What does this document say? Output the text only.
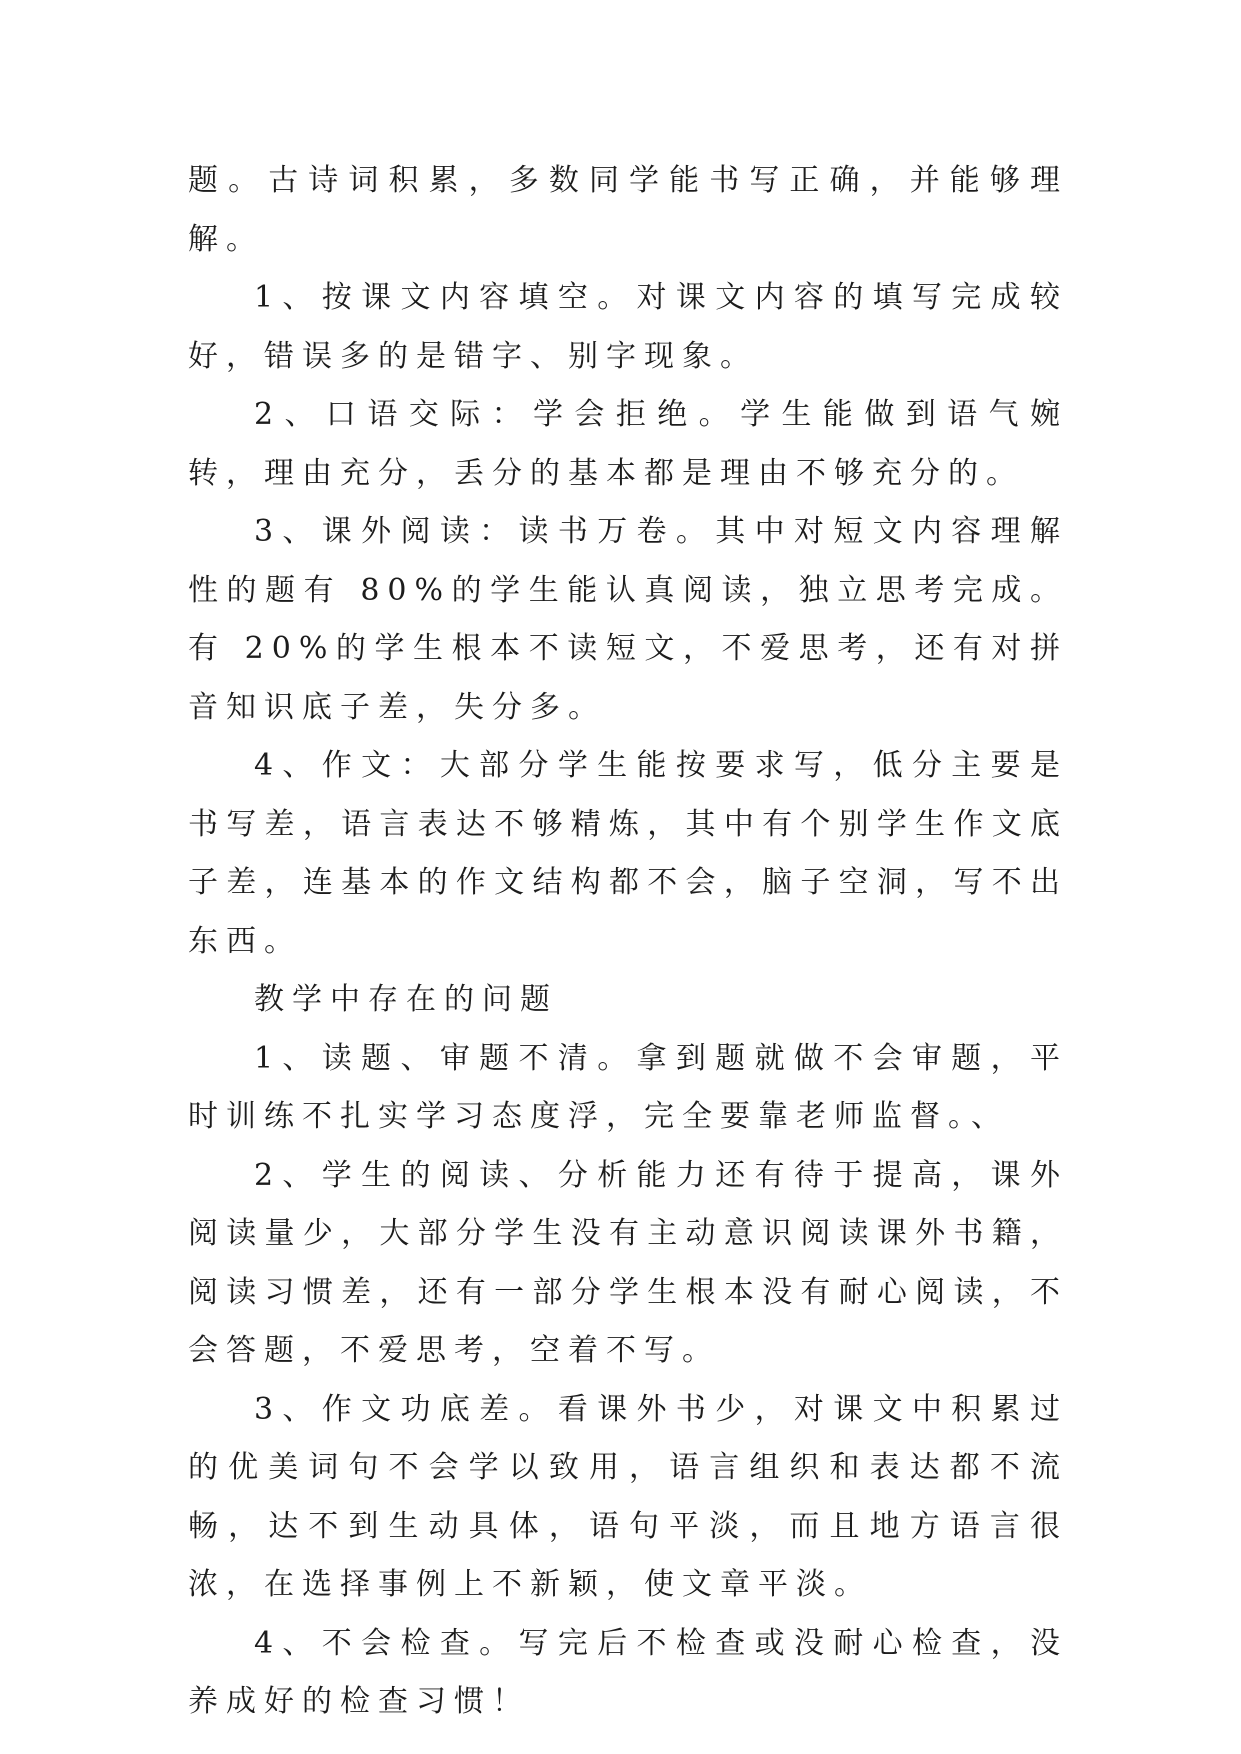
题。古诗词积累，多数同学能书写正确，并能够理解。

1、按课文内容填空。对课文内容的填写完成较好，错误多的是错字、别字现象。

2、口语交际：学会拒绝。学生能做到语气婉转，理由充分，丢分的基本都是理由不够充分的。

3、课外阅读：读书万卷。其中对短文内容理解性的题有 80%的学生能认真阅读，独立思考完成。有 20%的学生根本不读短文，不爱思考，还有对拼音知识底子差，失分多。

4、作文：大部分学生能按要求写，低分主要是书写差，语言表达不够精炼，其中有个别学生作文底子差，连基本的作文结构都不会，脑子空洞，写不出东西。

教学中存在的问题

1、读题、审题不清。拿到题就做不会审题，平时训练不扎实学习态度浮，完全要靠老师监督。、

2、学生的阅读、分析能力还有待于提高，课外阅读量少，大部分学生没有主动意识阅读课外书籍，阅读习惯差，还有一部分学生根本没有耐心阅读，不会答题，不爱思考，空着不写。

3、作文功底差。看课外书少，对课文中积累过的优美词句不会学以致用，语言组织和表达都不流畅，达不到生动具体，语句平淡，而且地方语言很浓，在选择事例上不新颖，使文章平淡。

4、不会检查。写完后不检查或没耐心检查，没养成好的检查习惯！
